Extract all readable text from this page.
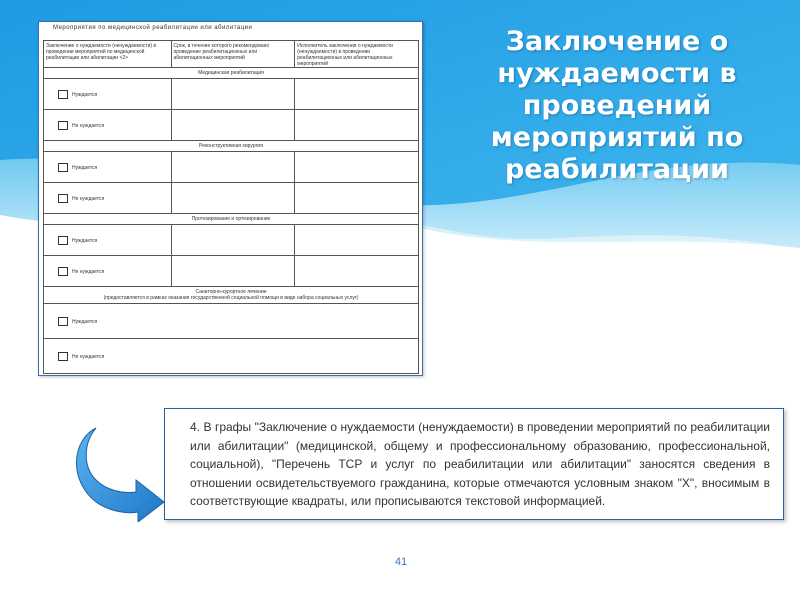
Заключение о нуждаемости в проведений мероприятий по реабилитации
Мероприятия по медицинской реабилитации или абилитации
Заключение о нуждаемости (ненуждаемости) в проведении мероприятий по медицинской реабилитации или абилитации <2>	Срок, в течение которого рекомендовано проведение реабилитационных или абилитационных мероприятий	Исполнитель заключения о нуждаемости (ненуждаемости) в проведении реабилитационных или абилитационных мероприятий
Медицинская реабилитация		
Нуждается		
Не нуждается		
Реконструктивная хирургия		
Нуждается		
Не нуждается		
Протезирование и ортезирование		
Нуждается		
Не нуждается		

Санаторно-курортное лечение
(предоставляется в рамках оказания государственной социальной помощи в виде набора социальных услуг)		

Нуждается		
Не нуждается		
4. В графы "Заключение о нуждаемости (ненуждаемости) в проведении мероприятий по реабилитации или абилитации" (медицинской, общему и профессиональному образованию, профессиональной, социальной), "Перечень ТСР и услуг по реабилитации или абилитации" заносятся сведения в отношении освидетельствуемого гражданина, которые отмечаются условным знаком "Х", вносимым в соответствующие квадраты, или прописываются текстовой информацией.
41
